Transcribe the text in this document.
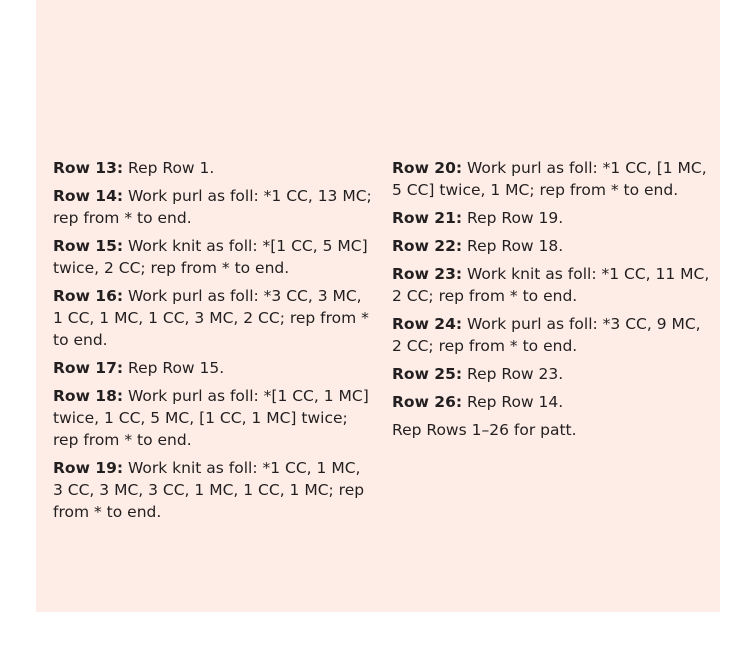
Row 13: Rep Row 1.

Row 14: Work purl as foll: *1 CC, 13 MC; rep from * to end.

Row 15: Work knit as foll: *[1 CC, 5 MC] twice, 2 CC; rep from * to end.

Row 16: Work purl as foll: *3 CC, 3 MC, 1 CC, 1 MC, 1 CC, 3 MC, 2 CC; rep from * to end.

Row 17: Rep Row 15.

Row 18: Work purl as foll: *[1 CC, 1 MC] twice, 1 CC, 5 MC, [1 CC, 1 MC] twice; rep from * to end.

Row 19: Work knit as foll: *1 CC, 1 MC, 3 CC, 3 MC, 3 CC, 1 MC, 1 CC, 1 MC; rep from * to end.

Row 20: Work purl as foll: *1 CC, [1 MC, 5 CC] twice, 1 MC; rep from * to end.

Row 21: Rep Row 19.

Row 22: Rep Row 18.

Row 23: Work knit as foll: *1 CC, 11 MC, 2 CC; rep from * to end.

Row 24: Work purl as foll: *3 CC, 9 MC, 2 CC; rep from * to end.

Row 25: Rep Row 23.

Row 26: Rep Row 14.

Rep Rows 1–26 for patt.
